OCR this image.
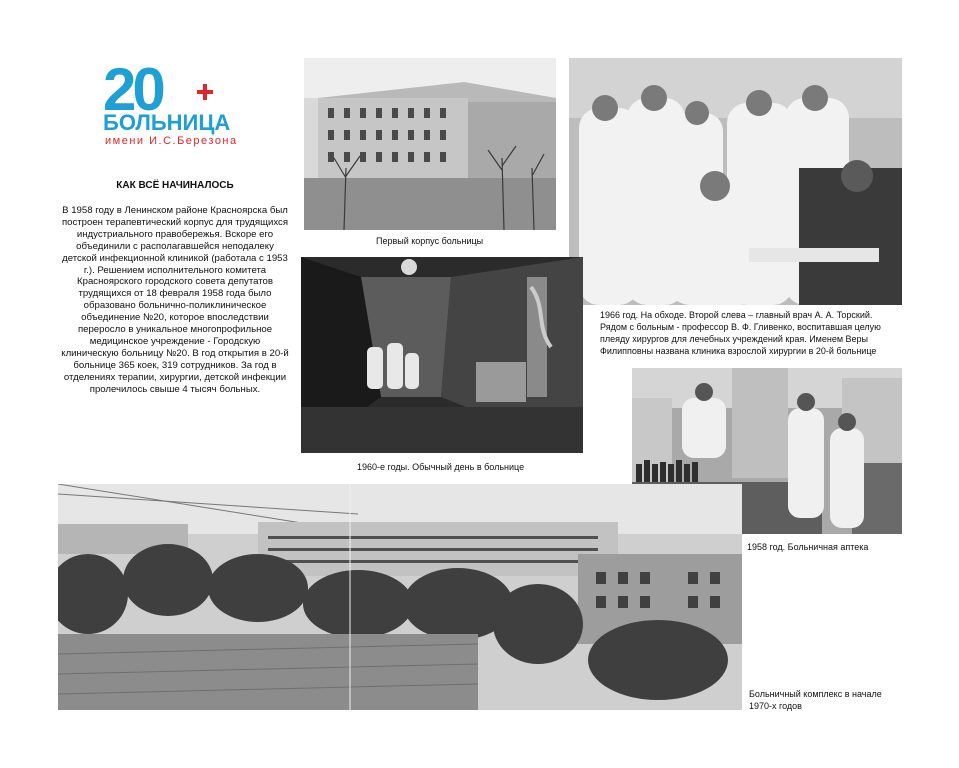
20
БОЛЬНИЦА
имени И.С.Березона
КАК ВСЁ НАЧИНАЛОСЬ
В 1958 году в Ленинском районе Красноярска был построен терапевтический корпус для трудящихся индустриального правобережья. Вскоре его объединили с располагавшейся неподалеку детской инфекционной клиникой (работала с 1953 г.). Решением исполнительного комитета Красноярского городского совета депутатов трудящихся от 18 февраля 1958 года было образовано больнично-поликлиническое объединение №20, которое впоследствии переросло в уникальное многопрофильное медицинское учреждение - Городскую клиническую больницу №20. В год открытия в 20-й больнице 365 коек, 319 сотрудников. За год в отделениях терапии, хирургии, детской инфекции пролечилось свыше 4 тысяч больных.
Первый корпус больницы
1966 год. На обходе. Второй слева – главный врач А. А. Торский. Рядом с больным - профессор В. Ф. Гливенко, воспитавшая целую плеяду хирургов для лечебных учреждений края. Именем Веры Филипповны названа клиника взрослой хирургии в 20-й больнице
1960-е годы. Обычный день в больнице
1958 год. Больничная аптека
Больничный комплекс в начале 1970-х годов
